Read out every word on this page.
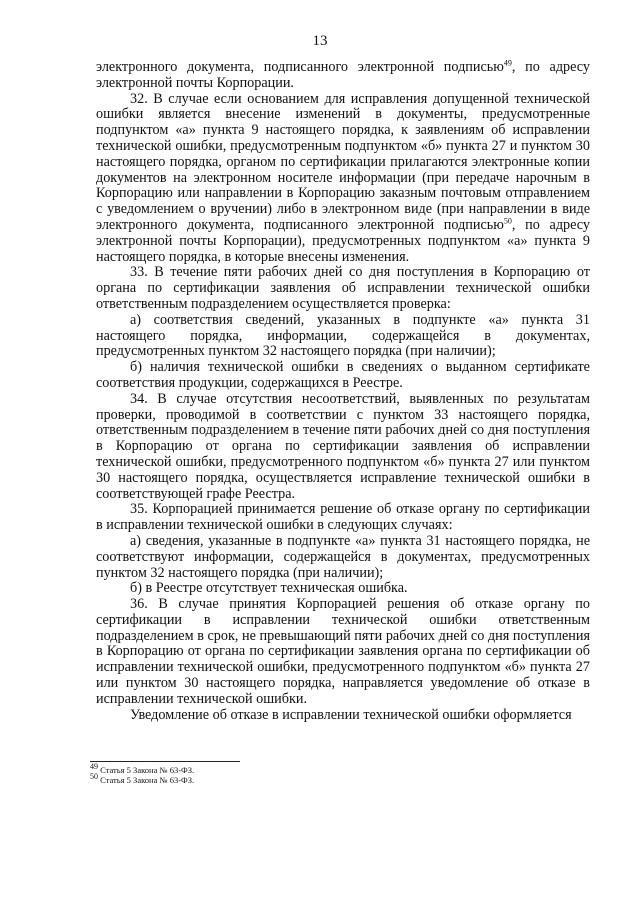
13

электронного документа, подписанного электронной подписью$^{49}$, по адресу электронной почты Корпорации.

32. В случае если основанием для исправления допущенной технической ошибки является внесение изменений в документы, предусмотренные подпунктом «а» пункта 9 настоящего порядка, к заявлениям об исправлении технической ошибки, предусмотренным подпунктом «б» пункта 27 и пунктом 30 настоящего порядка, органом по сертификации прилагаются электронные копии документов на электронном носителе информации (при передаче нарочным в Корпорацию или направлении в Корпорацию заказным почтовым отправлением с уведомлением о вручении) либо в электронном виде (при направлении в виде электронного документа, подписанного электронной подписью$^{50}$, по адресу электронной почты Корпорации), предусмотренных подпунктом «а» пункта 9 настоящего порядка, в которые внесены изменения.

33. В течение пяти рабочих дней со дня поступления в Корпорацию от органа по сертификации заявления об исправлении технической ошибки ответственным подразделением осуществляется проверка:

а) соответствия сведений, указанных в подпункте «а» пункта 31 настоящего порядка, информации, содержащейся в документах, предусмотренных пунктом 32 настоящего порядка (при наличии);

б) наличия технической ошибки в сведениях о выданном сертификате соответствия продукции, содержащихся в Реестре.

34. В случае отсутствия несоответствий, выявленных по результатам проверки, проводимой в соответствии с пунктом 33 настоящего порядка, ответственным подразделением в течение пяти рабочих дней со дня поступления в Корпорацию от органа по сертификации заявления об исправлении технической ошибки, предусмотренного подпунктом «б» пункта 27 или пунктом 30 настоящего порядка, осуществляется исправление технической ошибки в соответствующей графе Реестра.

35. Корпорацией принимается решение об отказе органу по сертификации в исправлении технической ошибки в следующих случаях:

а) сведения, указанные в подпункте «а» пункта 31 настоящего порядка, не соответствуют информации, содержащейся в документах, предусмотренных пунктом 32 настоящего порядка (при наличии);

б) в Реестре отсутствует техническая ошибка.

36. В случае принятия Корпорацией решения об отказе органу по сертификации в исправлении технической ошибки ответственным подразделением в срок, не превышающий пяти рабочих дней со дня поступления в Корпорацию от органа по сертификации заявления органа по сертификации об исправлении технической ошибки, предусмотренного подпунктом «б» пункта 27 или пунктом 30 настоящего порядка, направляется уведомление об отказе в исправлении технической ошибки.

Уведомление об отказе в исправлении технической ошибки оформляется

$^{49}$ Статья 5 Закона № 63-ФЗ.
$^{50}$ Статья 5 Закона № 63-ФЗ.
